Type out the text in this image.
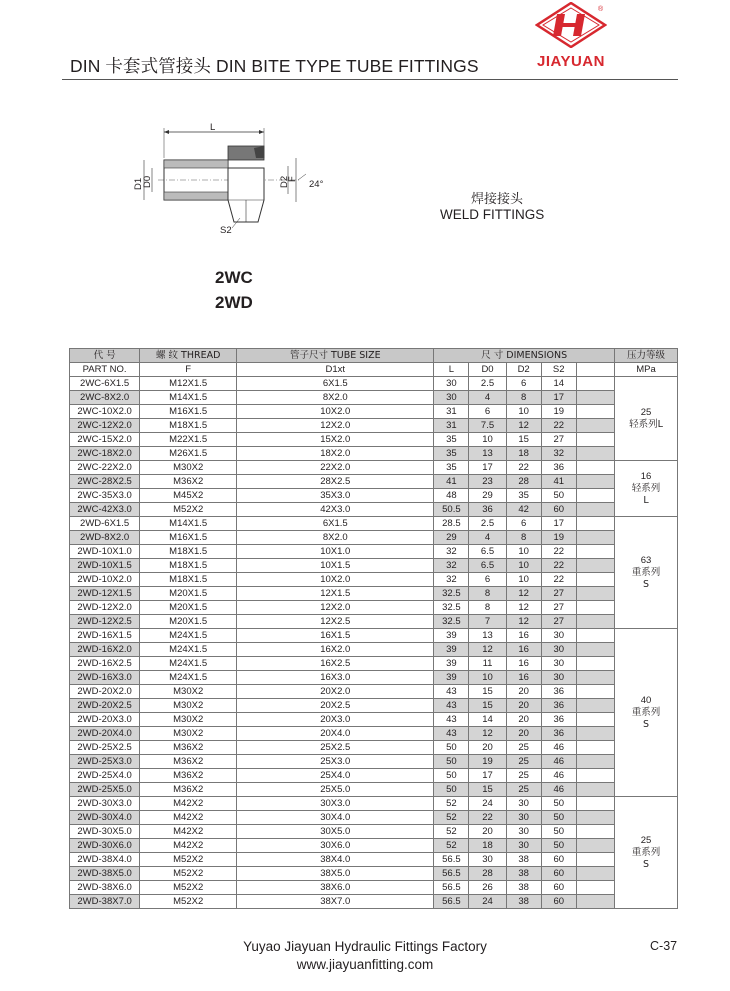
®
DIN 卡套式管接头 DIN BITE TYPE TUBE FITTINGS	JIAYUAN
L
D1
D0	D2
F 24°
S2
焊接接头
WELD FITTINGS
2WC
2WD
代 号	螺 纹 THREAD	管子尺寸 TUBE SIZE	尺 寸 DIMENSIONS					压力等级
PART NO.	F	D1xt	L	D0	D2	S2		MPa
2WC-6X1.5	M12X1.5	6X1.5	30	2.5	6	14		25
轻系列L

2WC-8X2.0	M14X1.5	8X2.0	30	4	8	17		
2WC-10X2.0	M16X1.5	10X2.0	31	6	10	19		
2WC-12X2.0	M18X1.5	12X2.0	31	7.5	12	22		
2WC-15X2.0	M22X1.5	15X2.0	35	10	15	27		
2WC-18X2.0	M26X1.5	18X2.0	35	13	18	32		
2WC-22X2.0	M30X2	22X2.0	35	17	22	36		16
轻系列
L

2WC-28X2.5	M36X2	28X2.5	41	23	28	41		
2WC-35X3.0	M45X2	35X3.0	48	29	35	50		
2WC-42X3.0	M52X2	42X3.0	50.5	36	42	60		
2WD-6X1.5	M14X1.5	6X1.5	28.5	2.5	6	17		63
重系列
S

2WD-8X2.0	M16X1.5	8X2.0	29	4	8	19		
2WD-10X1.0	M18X1.5	10X1.0	32	6.5	10	22		
2WD-10X1.5	M18X1.5	10X1.5	32	6.5	10	22		
2WD-10X2.0	M18X1.5	10X2.0	32	6	10	22		
2WD-12X1.5	M20X1.5	12X1.5	32.5	8	12	27		
2WD-12X2.0	M20X1.5	12X2.0	32.5	8	12	27		
2WD-12X2.5	M20X1.5	12X2.5	32.5	7	12	27		
2WD-16X1.5	M24X1.5	16X1.5	39	13	16	30		40
重系列
S

2WD-16X2.0	M24X1.5	16X2.0	39	12	16	30		
2WD-16X2.5	M24X1.5	16X2.5	39	11	16	30		
2WD-16X3.0	M24X1.5	16X3.0	39	10	16	30		
2WD-20X2.0	M30X2	20X2.0	43	15	20	36		
2WD-20X2.5	M30X2	20X2.5	43	15	20	36		
2WD-20X3.0	M30X2	20X3.0	43	14	20	36		
2WD-20X4.0	M30X2	20X4.0	43	12	20	36		
2WD-25X2.5	M36X2	25X2.5	50	20	25	46		
2WD-25X3.0	M36X2	25X3.0	50	19	25	46		
2WD-25X4.0	M36X2	25X4.0	50	17	25	46		
2WD-25X5.0	M36X2	25X5.0	50	15	25	46		
2WD-30X3.0	M42X2	30X3.0	52	24	30	50		25
重系列
S

2WD-30X4.0	M42X2	30X4.0	52	22	30	50		
2WD-30X5.0	M42X2	30X5.0	52	20	30	50		
2WD-30X6.0	M42X2	30X6.0	52	18	30	50		
2WD-38X4.0	M52X2	38X4.0	56.5	30	38	60		
2WD-38X5.0	M52X2	38X5.0	56.5	28	38	60		
2WD-38X6.0	M52X2	38X6.0	56.5	26	38	60		
2WD-38X7.0	M52X2	38X7.0	56.5	24	38	60		
Yuyao Jiayuan Hydraulic Fittings Factory
www.jiayuanfitting.com
C-37
